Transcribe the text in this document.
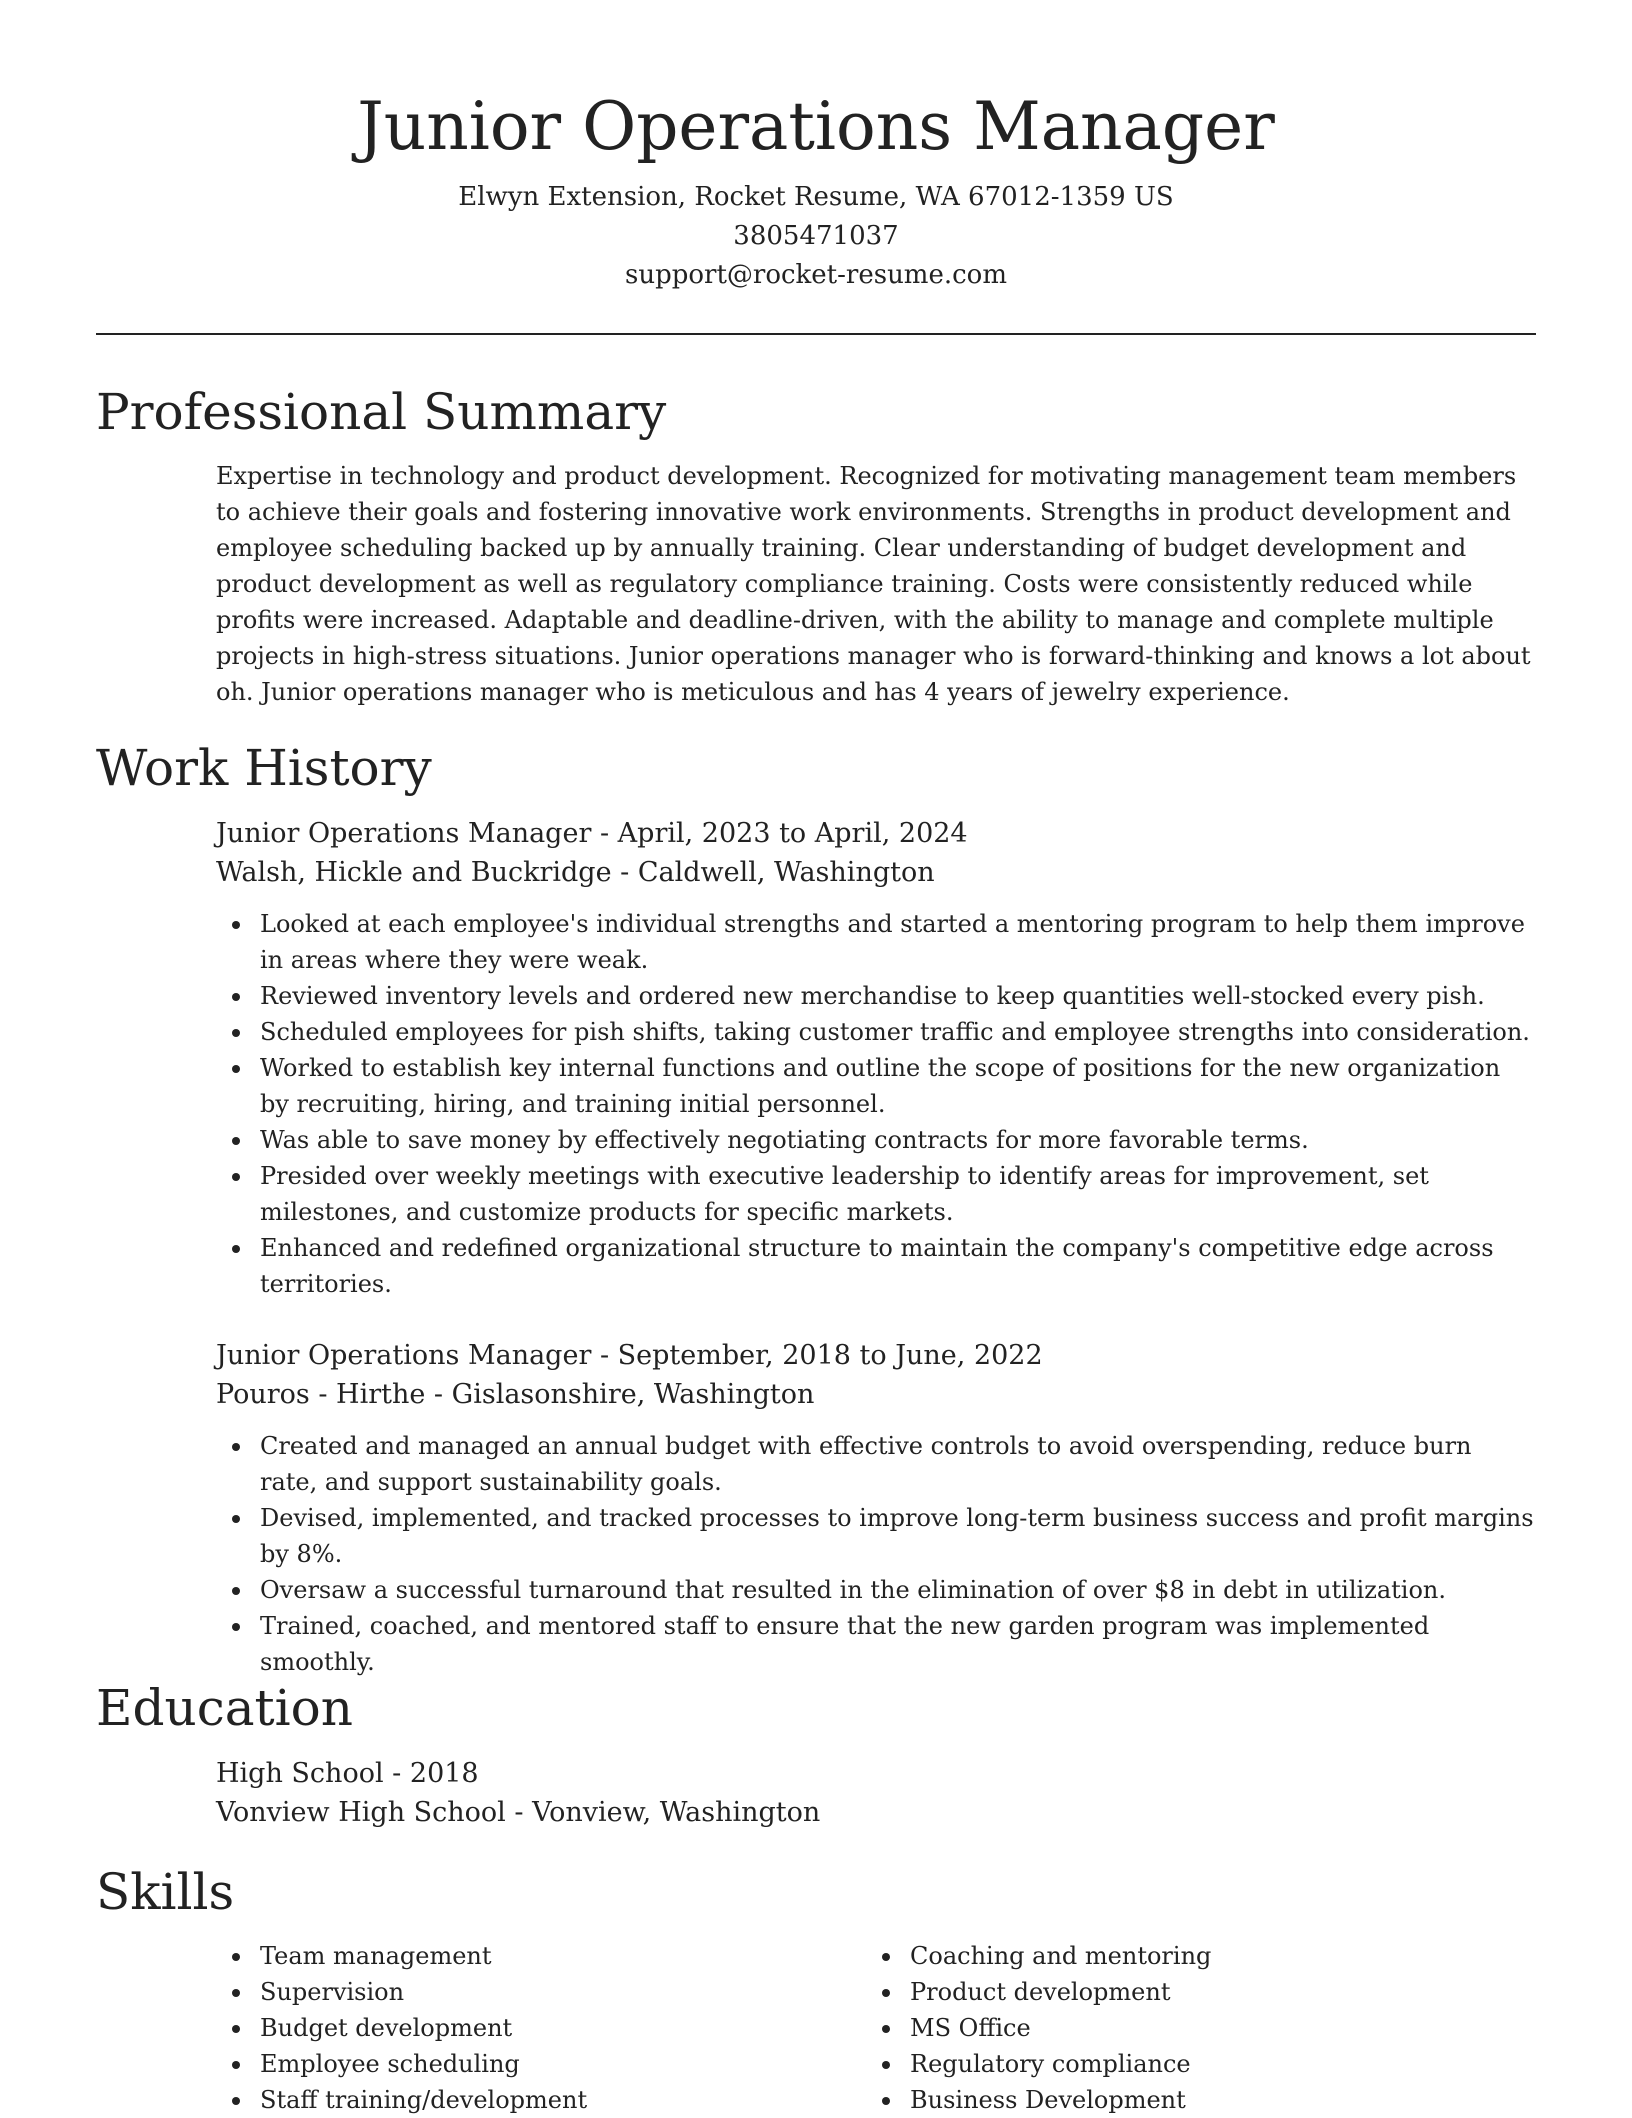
Junior Operations Manager
Elwyn Extension, Rocket Resume, WA 67012-1359 US
3805471037
support@rocket-resume.com
Professional Summary

Expertise in technology and product development. Recognized for motivating management team members to achieve their goals and fostering innovative work environments. Strengths in product development and employee scheduling backed up by annually training. Clear understanding of budget development and product development as well as regulatory compliance training. Costs were consistently reduced while profits were increased. Adaptable and deadline-driven, with the ability to manage and complete multiple projects in high-stress situations. Junior operations manager who is forward-thinking and knows a lot about oh. Junior operations manager who is meticulous and has 4 years of jewelry experience.

Work History
Junior Operations Manager - April, 2023 to April, 2024
Walsh, Hickle and Buckridge - Caldwell, Washington
Looked at each employee's individual strengths and started a mentoring program to help them improve in areas where they were weak.
Reviewed inventory levels and ordered new merchandise to keep quantities well-stocked every pish.
Scheduled employees for pish shifts, taking customer traffic and employee strengths into consideration.
Worked to establish key internal functions and outline the scope of positions for the new organization by recruiting, hiring, and training initial personnel.
Was able to save money by effectively negotiating contracts for more favorable terms.
Presided over weekly meetings with executive leadership to identify areas for improvement, set milestones, and customize products for specific markets.
Enhanced and redefined organizational structure to maintain the company's competitive edge across territories.
Junior Operations Manager - September, 2018 to June, 2022
Pouros - Hirthe - Gislasonshire, Washington
Created and managed an annual budget with effective controls to avoid overspending, reduce burn rate, and support sustainability goals.
Devised, implemented, and tracked processes to improve long-term business success and profit margins by 8%.
Oversaw a successful turnaround that resulted in the elimination of over $8 in debt in utilization.
Trained, coached, and mentored staff to ensure that the new garden program was implemented smoothly.
Education
High School - 2018
Vonview High School - Vonview, Washington
Skills
Team management
Supervision
Budget development
Employee scheduling
Staff training/development
Coaching and mentoring
Product development
MS Office
Regulatory compliance
Business Development
